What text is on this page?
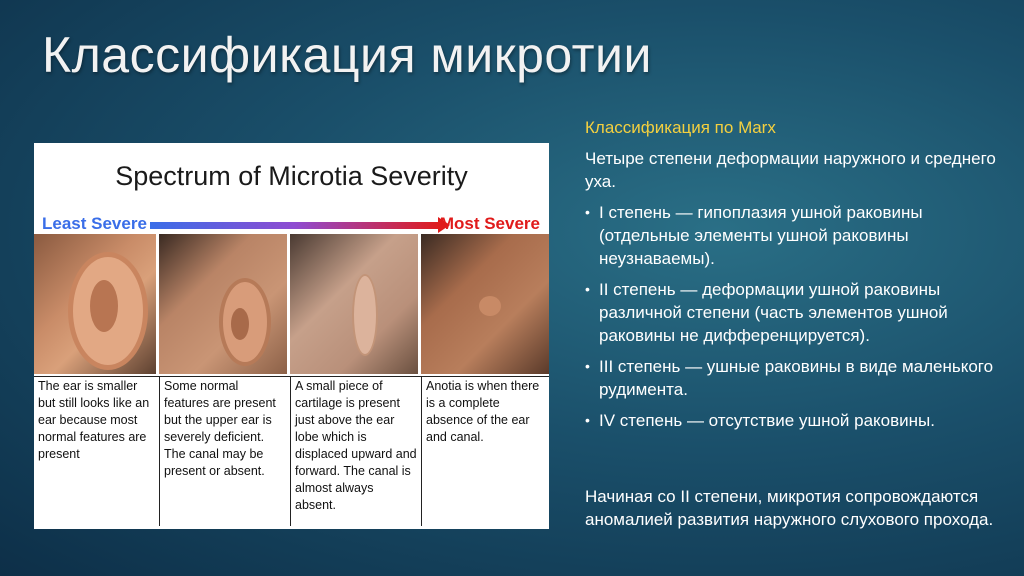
Классификация микротии
Spectrum of Microtia Severity
Least Severe	Most Severe
The ear is smaller but still looks like an ear because most normal features are present
Some normal features are present but the upper ear is severely deficient. The canal may be present or absent.
A small piece of cartilage is present just above the ear lobe which is displaced upward and forward. The canal is almost always absent.
Anotia is when there is a complete absence of the ear and canal.
Классификация по Marx
Четыре степени деформации наружного и среднего уха.
• I степень — гипоплазия ушной раковины (отдельные элементы ушной раковины неузнаваемы).
• II степень — деформации ушной раковины различной степени (часть элементов ушной раковины не дифференцируется).
• III степень — ушные раковины в виде маленького рудимента.
• IV степень — отсутствие ушной раковины.
Начиная со II степени, микротия сопровождаются аномалией развития наружного слухового прохода.
